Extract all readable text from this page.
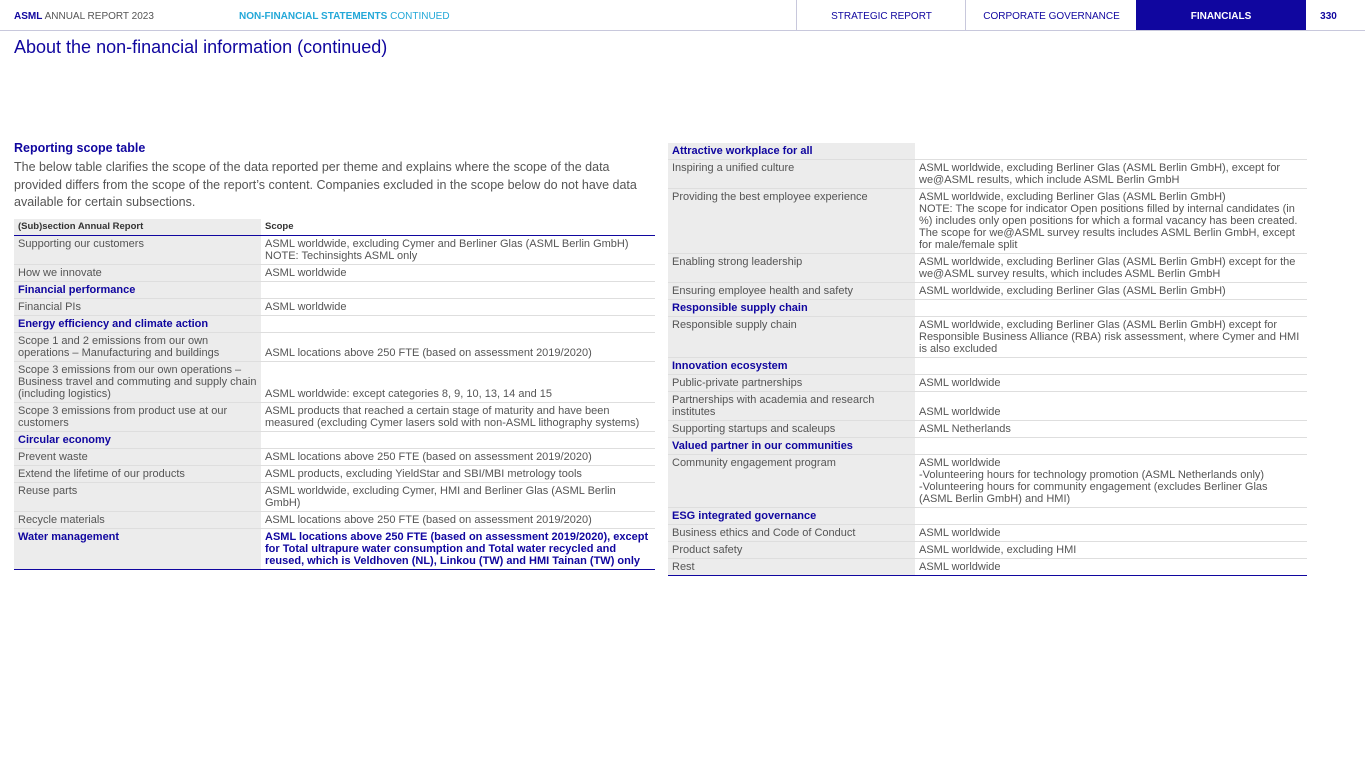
ASML ANNUAL REPORT 2023	NON-FINANCIAL STATEMENTS CONTINUED	STRATEGIC REPORT	CORPORATE GOVERNANCE	FINANCIALS	330
About the non-financial information (continued)
Reporting scope table
The below table clarifies the scope of the data reported per theme and explains where the scope of the data provided differs from the scope of the report’s content. Companies excluded in the scope below do not have data available for certain subsections.
(Sub)section Annual Report	Scope
Supporting our customers	ASML worldwide, excluding Cymer and Berliner Glas (ASML Berlin GmbH)
NOTE: Techinsights ASML only
How we innovate	ASML worldwide
Financial performance	
Financial PIs	ASML worldwide
Energy efficiency and climate action	
Scope 1 and 2 emissions from our own operations – Manufacturing and buildings	ASML locations above 250 FTE (based on assessment 2019/2020)
Scope 3 emissions from our own operations – Business travel and commuting and supply chain (including logistics)	ASML worldwide: except categories 8, 9, 10, 13, 14 and 15
Scope 3 emissions from product use at our customers	ASML products that reached a certain stage of maturity and have been measured (excluding Cymer lasers sold with non-ASML lithography systems)
Circular economy	
Prevent waste	ASML locations above 250 FTE (based on assessment 2019/2020)
Extend the lifetime of our products	ASML products, excluding YieldStar and SBI/MBI metrology tools
Reuse parts	ASML worldwide, excluding Cymer, HMI and Berliner Glas (ASML Berlin GmbH)
Recycle materials	ASML locations above 250 FTE (based on assessment 2019/2020)
Water management	ASML locations above 250 FTE (based on assessment 2019/2020), except for Total ultrapure water consumption and Total water recycled and reused, which is Veldhoven (NL), Linkou (TW) and HMI Tainan (TW) only
Attractive workplace for all	
Inspiring a unified culture	ASML worldwide, excluding Berliner Glas (ASML Berlin GmbH), except for we@ASML results, which include ASML Berlin GmbH
Providing the best employee experience	ASML worldwide, excluding Berliner Glas (ASML Berlin GmbH)
NOTE: The scope for indicator Open positions filled by internal candidates (in %) includes only open positions for which a formal vacancy has been created. The scope for we@ASML survey results includes ASML Berlin GmbH, except for male/female split
Enabling strong leadership	ASML worldwide, excluding Berliner Glas (ASML Berlin GmbH) except for the we@ASML survey results, which includes ASML Berlin GmbH
Ensuring employee health and safety	ASML worldwide, excluding Berliner Glas (ASML Berlin GmbH)
Responsible supply chain	
Responsible supply chain	ASML worldwide, excluding Berliner Glas (ASML Berlin GmbH) except for Responsible Business Alliance (RBA) risk assessment, where Cymer and HMI is also excluded
Innovation ecosystem	
Public-private partnerships	ASML worldwide
Partnerships with academia and research institutes	ASML worldwide
Supporting startups and scaleups	ASML Netherlands
Valued partner in our communities	
Community engagement program	ASML worldwide
-Volunteering hours for technology promotion (ASML Netherlands only)
-Volunteering hours for community engagement (excludes Berliner Glas (ASML Berlin GmbH) and HMI)
ESG integrated governance	
Business ethics and Code of Conduct	ASML worldwide
Product safety	ASML worldwide, excluding HMI
Rest	ASML worldwide
